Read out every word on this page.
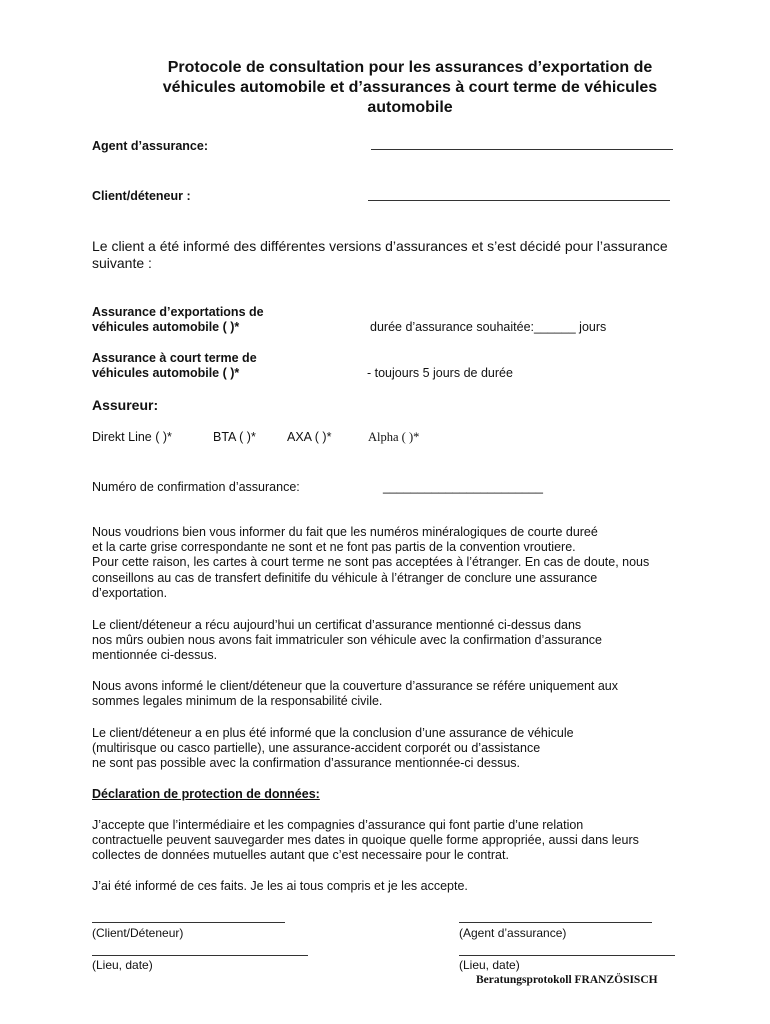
Protocole de consultation pour les assurances d’exportation de
véhicules automobile et d’assurances à court terme de véhicules
automobile
Agent d’assurance:
Client/déteneur :
Le client a été informé des différentes versions d’assurances et s’est décidé pour l’assurance
suivante :
Assurance d’exportations de
véhicules automobile ( )*	durée d’assurance souhaitée:______ jours
Assurance à court terme de
véhicules automobile ( )*	- toujours 5 jours de durée
Assureur:
Direkt Line ( )*	BTA ( )* AXA ( )*	Alpha ( )*
Numéro de confirmation d’assurance:	_______________________
Nous voudrions bien vous informer du fait que les numéros minéralogiques de courte dureé
et la carte grise correspondante ne sont et ne font pas partis de la convention vroutiere.
Pour cette raison, les cartes à court terme ne sont pas acceptées à l’étranger. En cas de doute, nous
conseillons au cas de transfert definitife du véhicule à l’étranger de conclure une assurance
d’exportation.
Le client/déteneur a récu aujourd’hui un certificat d’assurance mentionné ci-dessus dans
nos mûrs oubien nous avons fait immatriculer son véhicule avec la confirmation d’assurance
mentionnée ci-dessus.
Nous avons informé le client/déteneur que la couverture d’assurance se référe uniquement aux
sommes legales minimum de la responsabilité civile.
Le client/déteneur a en plus été informé que la conclusion d’une assurance de véhicule
(multirisque ou casco partielle), une assurance-accident corporét ou d’assistance
ne sont pas possible avec la confirmation d’assurance mentionnée-ci dessus.
Déclaration de protection de données:
J’accepte que l’intermédiaire et les compagnies d’assurance qui font partie d’une relation
contractuelle peuvent sauvegarder mes dates in quoique quelle forme appropriée, aussi dans leurs
collectes de données mutuelles autant que c’est necessaire pour le contrat.
J’ai été informé de ces faits. Je les ai tous compris et je les accepte.
(Client/Déteneur)	(Agent d’assurance)
(Lieu, date)	(Lieu, date)
Beratungsprotokoll FRANZÖSISCH
